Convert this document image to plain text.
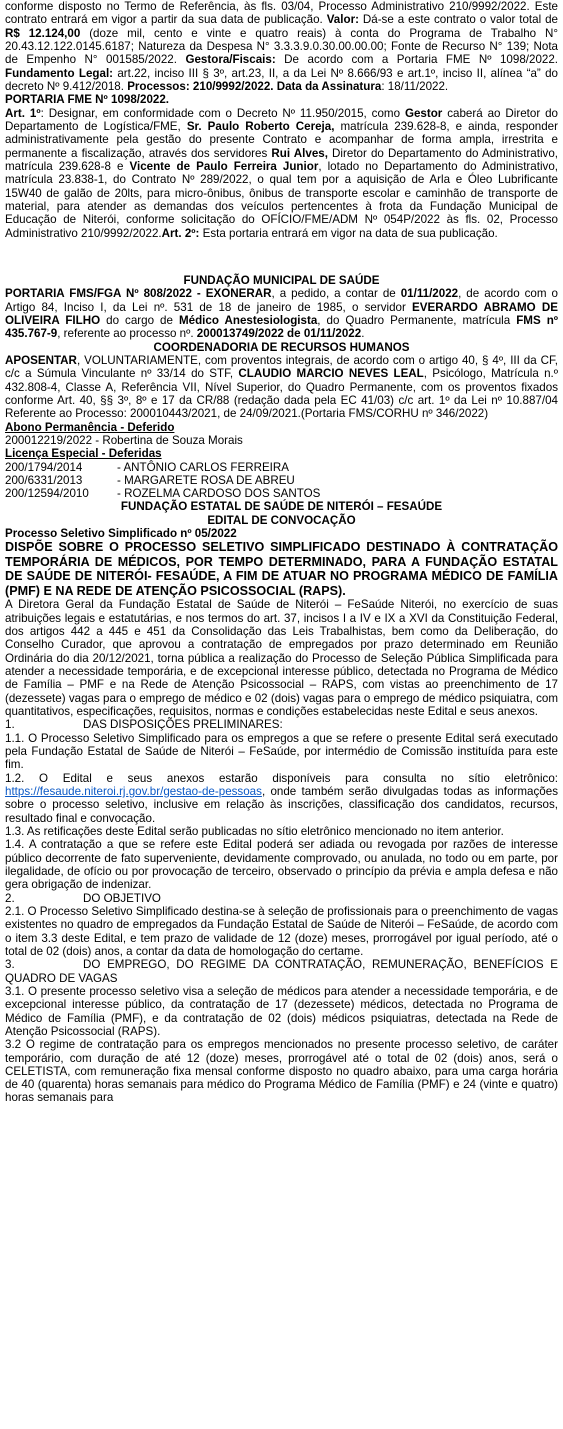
conforme disposto no Termo de Referência, às fls. 03/04, Processo Administrativo 210/9992/2022. Este contrato entrará em vigor a partir da sua data de publicação. Valor: Dá-se a este contrato o valor total de R$ 12.124,00 (doze mil, cento e vinte e quatro reais) à conta do Programa de Trabalho N° 20.43.12.122.0145.6187; Natureza da Despesa N° 3.3.3.9.0.30.00.00.00; Fonte de Recurso N° 139; Nota de Empenho N° 001585/2022. Gestora/Fiscais: De acordo com a Portaria FME Nº 1098/2022. Fundamento Legal: art.22, inciso III § 3º, art.23, II, a da Lei Nº 8.666/93 e art.1º, inciso II, alínea “a” do decreto Nº 9.412/2018. Processos: 210/9992/2022. Data da Assinatura: 18/11/2022.

PORTARIA FME Nº 1098/2022.

Art. 1º: Designar, em conformidade com o Decreto Nº 11.950/2015, como Gestor caberá ao Diretor do Departamento de Logística/FME, Sr. Paulo Roberto Cereja, matrícula 239.628-8, e ainda, responder administrativamente pela gestão do presente Contrato e acompanhar de forma ampla, irrestrita e permanente a fiscalização, através dos servidores Rui Alves, Diretor do Departamento do Administrativo, matrícula 239.628-8 e Vicente de Paulo Ferreira Junior, lotado no Departamento do Administrativo, matrícula 23.838-1, do Contrato Nº 289/2022, o qual tem por a aquisição de Arla e Óleo Lubrificante 15W40 de galão de 20lts, para micro-ônibus, ônibus de transporte escolar e caminhão de transporte de material, para atender as demandas dos veículos pertencentes à frota da Fundação Municipal de Educação de Niterói, conforme solicitação do OFÍCIO/FME/ADM Nº 054P/2022 às fls. 02, Processo Administrativo 210/9992/2022.Art. 2º: Esta portaria entrará em vigor na data de sua publicação.

FUNDAÇÃO MUNICIPAL DE SAÚDE

PORTARIA FMS/FGA Nº 808/2022 - EXONERAR, a pedido, a contar de 01/11/2022, de acordo com o Artigo 84, Inciso I, da Lei nº. 531 de 18 de janeiro de 1985, o servidor EVERARDO ABRAMO DE OLIVEIRA FILHO do cargo de Médico Anestesiologista, do Quadro Permanente, matrícula FMS nº 435.767-9, referente ao processo nº. 200013749/2022 de 01/11/2022.

COORDENADORIA DE RECURSOS HUMANOS

APOSENTAR, VOLUNTARIAMENTE, com proventos integrais, de acordo com o artigo 40, § 4º, III da CF, c/c a Súmula Vinculante nº 33/14 do STF, CLAUDIO MARCIO NEVES LEAL, Psicólogo, Matrícula n.º 432.808-4, Classe A, Referência VII, Nível Superior, do Quadro Permanente, com os proventos fixados conforme Art. 40, §§ 3º, 8º e 17 da CR/88 (redação dada pela EC 41/03) c/c art. 1º da Lei nº 10.887/04 Referente ao Processo: 200010443/2021, de 24/09/2021.(Portaria FMS/CORHU nº 346/2022)

Abono Permanência - Deferido

200012219/2022 - Robertina de Souza Morais

Licença Especial - Deferidas

200/1794/2014	- ANTÔNIO CARLOS FERREIRA
200/6331/2013	- MARGARETE ROSA DE ABREU
200/12594/2010	- ROZELMA CARDOSO DOS SANTOS

FUNDAÇÃO ESTATAL DE SAÚDE DE NITERÓI – FESAÚDE

EDITAL DE CONVOCAÇÃO

Processo Seletivo Simplificado nº 05/2022

DISPÕE SOBRE O PROCESSO SELETIVO SIMPLIFICADO DESTINADO À CONTRATAÇÃO TEMPORÁRIA DE MÉDICOS, POR TEMPO DETERMINADO, PARA A FUNDAÇÃO ESTATAL DE SAÚDE DE NITERÓI- FESAÚDE, A FIM DE ATUAR NO PROGRAMA MÉDICO DE FAMÍLIA (PMF) E NA REDE DE ATENÇÃO PSICOSSOCIAL (RAPS).

A Diretora Geral da Fundação Estatal de Saúde de Niterói – FeSaúde Niterói, no exercício de suas atribuições legais e estatutárias, e nos termos do art. 37, incisos I a IV e IX a XVI da Constituição Federal, dos artigos 442 a 445 e 451 da Consolidação das Leis Trabalhistas, bem como da Deliberação, do Conselho Curador, que aprovou a contratação de empregados por prazo determinado em Reunião Ordinária do dia 20/12/2021, torna pública a realização do Processo de Seleção Pública Simplificada para atender a necessidade temporária, e de excepcional interesse público, detectada no Programa de Médico de Família – PMF e na Rede de Atenção Psicossocial – RAPS, com vistas ao preenchimento de 17 (dezessete) vagas para o emprego de médico e 02 (dois) vagas para o emprego de médico psiquiatra, com quantitativos, especificações, requisitos, normas e condições estabelecidas neste Edital e seus anexos.

1.	DAS DISPOSIÇÕES PRELIMINARES:

1.1. O Processo Seletivo Simplificado para os empregos a que se refere o presente Edital será executado pela Fundação Estatal de Saúde de Niterói – FeSaúde, por intermédio de Comissão instituída para este fim.

1.2. O Edital e seus anexos estarão disponíveis para consulta no sítio eletrônico: https://fesaude.niteroi.rj.gov.br/gestao-de-pessoas, onde também serão divulgadas todas as informações sobre o processo seletivo, inclusive em relação às inscrições, classificação dos candidatos, recursos, resultado final e convocação.

1.3. As retificações deste Edital serão publicadas no sítio eletrônico mencionado no item anterior.

1.4. A contratação a que se refere este Edital poderá ser adiada ou revogada por razões de interesse público decorrente de fato superveniente, devidamente comprovado, ou anulada, no todo ou em parte, por ilegalidade, de ofício ou por provocação de terceiro, observado o princípio da prévia e ampla defesa e não gera obrigação de indenizar.

2.	DO OBJETIVO

2.1. O Processo Seletivo Simplificado destina-se à seleção de profissionais para o preenchimento de vagas existentes no quadro de empregados da Fundação Estatal de Saúde de Niterói – FeSaúde, de acordo com o item 3.3 deste Edital, e tem prazo de validade de 12 (doze) meses, prorrogável por igual período, até o total de 02 (dois) anos, a contar da data de homologação do certame.

3.	DO EMPREGO, DO REGIME DA CONTRATAÇÃO, REMUNERAÇÃO, BENEFÍCIOS E QUADRO DE VAGAS

3.1. O presente processo seletivo visa a seleção de médicos para atender a necessidade temporária, e de excepcional interesse público, da contratação de 17 (dezessete) médicos, detectada no Programa de Médico de Família (PMF), e da contratação de 02 (dois) médicos psiquiatras, detectada na Rede de Atenção Psicossocial (RAPS).

3.2 O regime de contratação para os empregos mencionados no presente processo seletivo, de caráter temporário, com duração de até 12 (doze) meses, prorrogável até o total de 02 (dois) anos, será o CELETISTA, com remuneração fixa mensal conforme disposto no quadro abaixo, para uma carga horária de 40 (quarenta) horas semanais para médico do Programa Médico de Família (PMF) e 24 (vinte e quatro) horas semanais para
